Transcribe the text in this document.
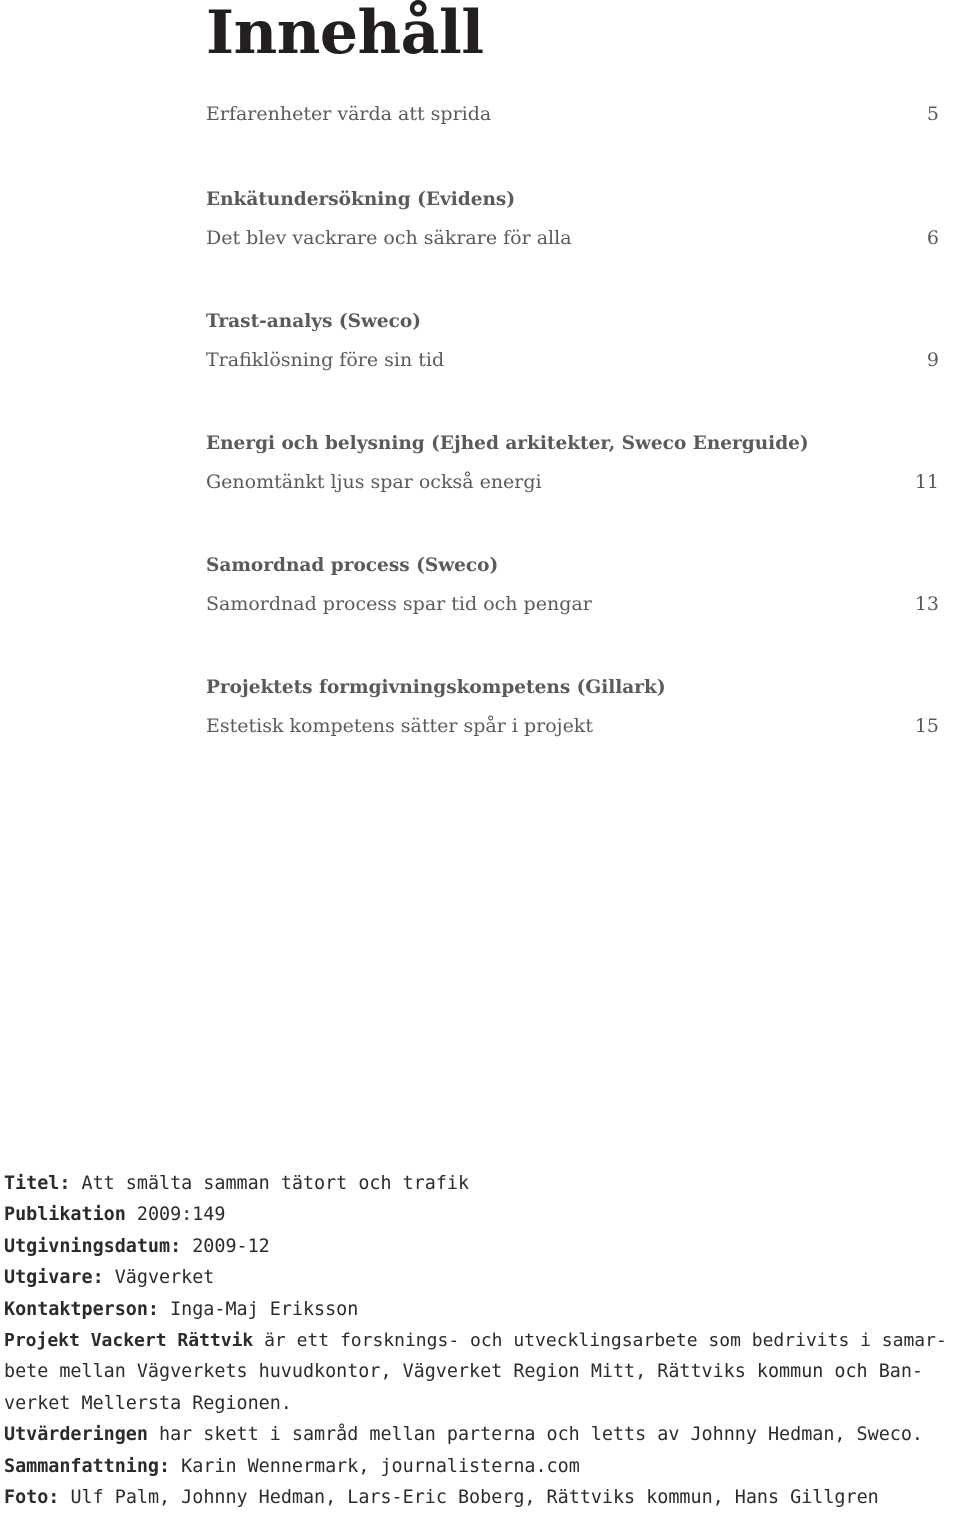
Innehåll
Erfarenheter värda att sprida	5
Enkätundersökning (Evidens)
Det blev vackrare och säkrare för alla	6
Trast-analys (Sweco)
Trafiklösning före sin tid	9
Energi och belysning (Ejhed arkitekter, Sweco Energuide)
Genomtänkt ljus spar också energi	11
Samordnad process (Sweco)
Samordnad process spar tid och pengar	13
Projektets formgivningskompetens (Gillark)
Estetisk kompetens sätter spår i projekt	15
Titel: Att smälta samman tätort och trafik
Publikation 2009:149
Utgivningsdatum: 2009-12
Utgivare: Vägverket
Kontaktperson: Inga-Maj Eriksson
Projekt Vackert Rättvik är ett forsknings- och utvecklingsarbete som bedrivits i samar-
bete mellan Vägverkets huvudkontor, Vägverket Region Mitt, Rättviks kommun och Ban-
verket Mellersta Regionen.
Utvärderingen har skett i samråd mellan parterna och letts av Johnny Hedman, Sweco.
Sammanfattning: Karin Wennermark, journalisterna.com
Foto: Ulf Palm, Johnny Hedman, Lars-Eric Boberg, Rättviks kommun, Hans Gillgren
